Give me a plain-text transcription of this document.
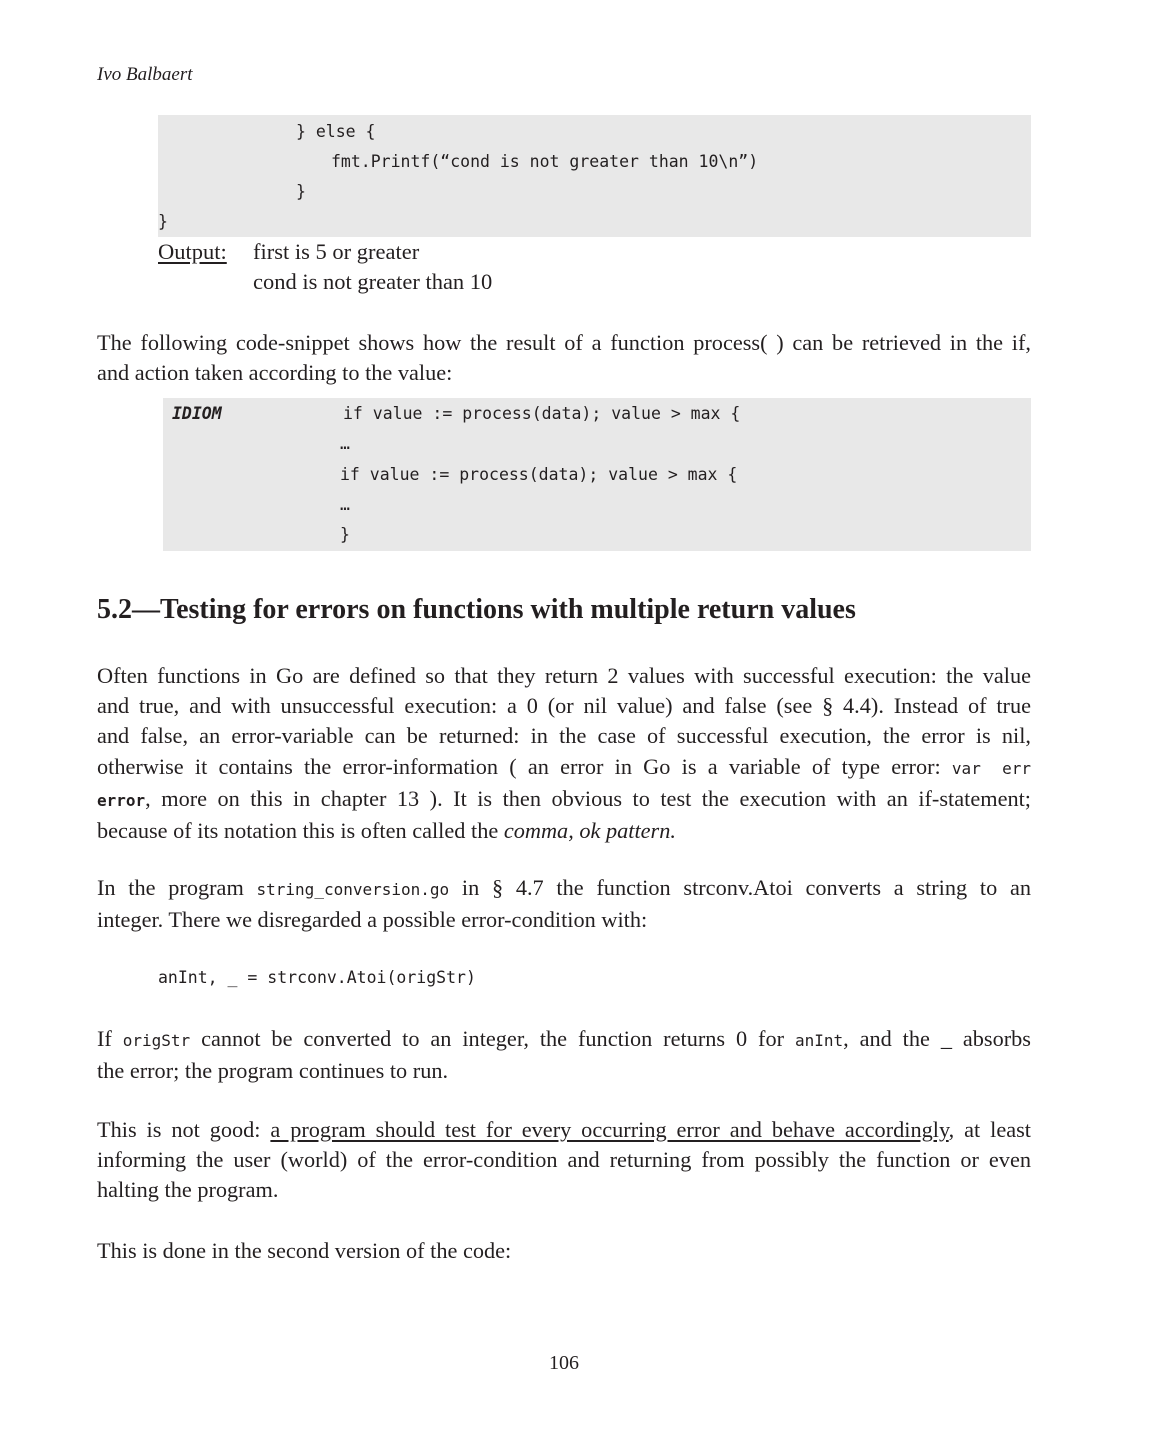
Ivo Balbaert
} else {
fmt.Printf(“cond is not greater than 10\n”)
}
}
Output: first is 5 or greater
cond is not greater than 10
The following code-snippet shows how the result of a function process( ) can be retrieved in the if,
and action taken according to the value:
IDIOM	if value := process(data); value > max {
…
if value := process(data); value > max {
…
}
5.2—Testing for errors on functions with multiple return values
Often functions in Go are defined so that they return 2 values with successful execution: the value
and true, and with unsuccessful execution: a 0 (or nil value) and false (see § 4.4). Instead of true
and false, an error-variable can be returned: in the case of successful execution, the error is nil,
otherwise it contains the error-information ( an error in Go is a variable of type error: var err
error, more on this in chapter 13 ). It is then obvious to test the execution with an if-statement;
because of its notation this is often called the comma, ok pattern.
In the program string_conversion.go in § 4.7 the function strconv.Atoi converts a string to an
integer. There we disregarded a possible error-condition with:
anInt, _ = strconv.Atoi(origStr)
If origStr cannot be converted to an integer, the function returns 0 for anInt, and the _ absorbs
the error; the program continues to run.
This is not good: a program should test for every occurring error and behave accordingly, at least
informing the user (world) of the error-condition and returning from possibly the function or even
halting the program.
This is done in the second version of the code:
106
